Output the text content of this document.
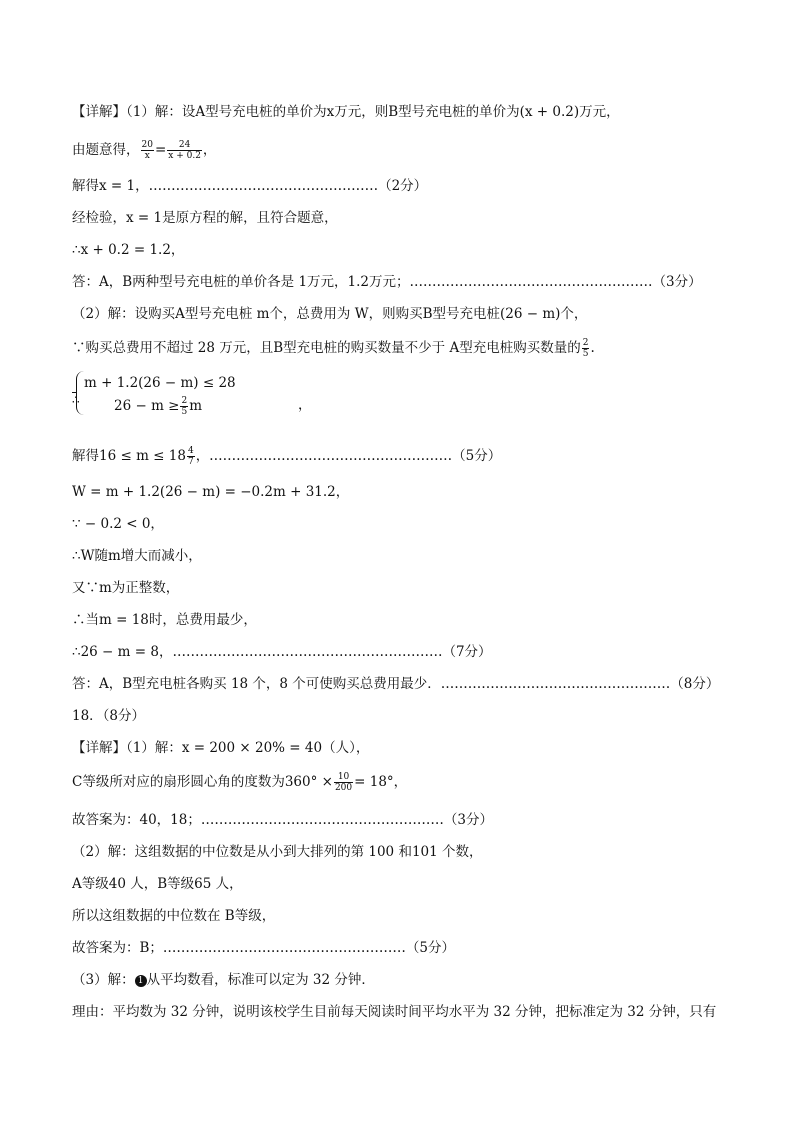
【详解】（1）解：设A型号充电桩的单价为x万元，则B型号充电桩的单价为(x + 0.2)万元，
由题意得， $\frac{20}{x} = \frac{24}{x + 0.2}$ ，
解得x = 1，……………………………………………（2分）
经检验，x = 1是原方程的解，且符合题意，
∴x + 0.2 = 1.2，
答：A，B两种型号充电桩的单价各是 1万元，1.2万元；………………………………………………（3分）
（2）解：设购买A型号充电桩 m个，总费用为 W，则购买B型号充电桩(26 − m)个，
∵购买总费用不超过 28 万元，且B型充电桩的购买数量不少于 A型充电桩购买数量的 $\frac{2}{5}$ .
∴
m + 1.2(26 − m) ≤ 28
$26 - m \ge \frac{2}{5}$ m	，
解得$16 \le m \le 18 \frac{4}{7}$ ，………………………………………………（5分）
W = m + 1.2(26 − m) = −0.2m + 31.2，
∵ − 0.2 < 0，
∴W随m增大而减小，
又∵m为正整数，
∴当m = 18时，总费用最少，
∴26 − m = 8，……………………………………………………（7分）
答：A，B型充电桩各购买 18 个，8 个可使购买总费用最少．……………………………………………（8分）
18．（8分）
【详解】（1）解：x = 200 × 20% = 40（人），
C等级所对应的扇形圆心角的度数为$360^\circ \times \frac{10}{200} = 18^\circ$，
故答案为：40，18；………………………………………………（3分）
（2）解：这组数据的中位数是从小到大排列的第 100 和101 个数，
A等级40 人，B等级65 人，
所以这组数据的中位数在 B等级，
故答案为：B；………………………………………………（5分）
（3）解： 1 从平均数看，标准可以定为 32 分钟．
理由：平均数为 32 分钟，说明该校学生目前每天阅读时间平均水平为 32 分钟，把标准定为 32 分钟，只有
